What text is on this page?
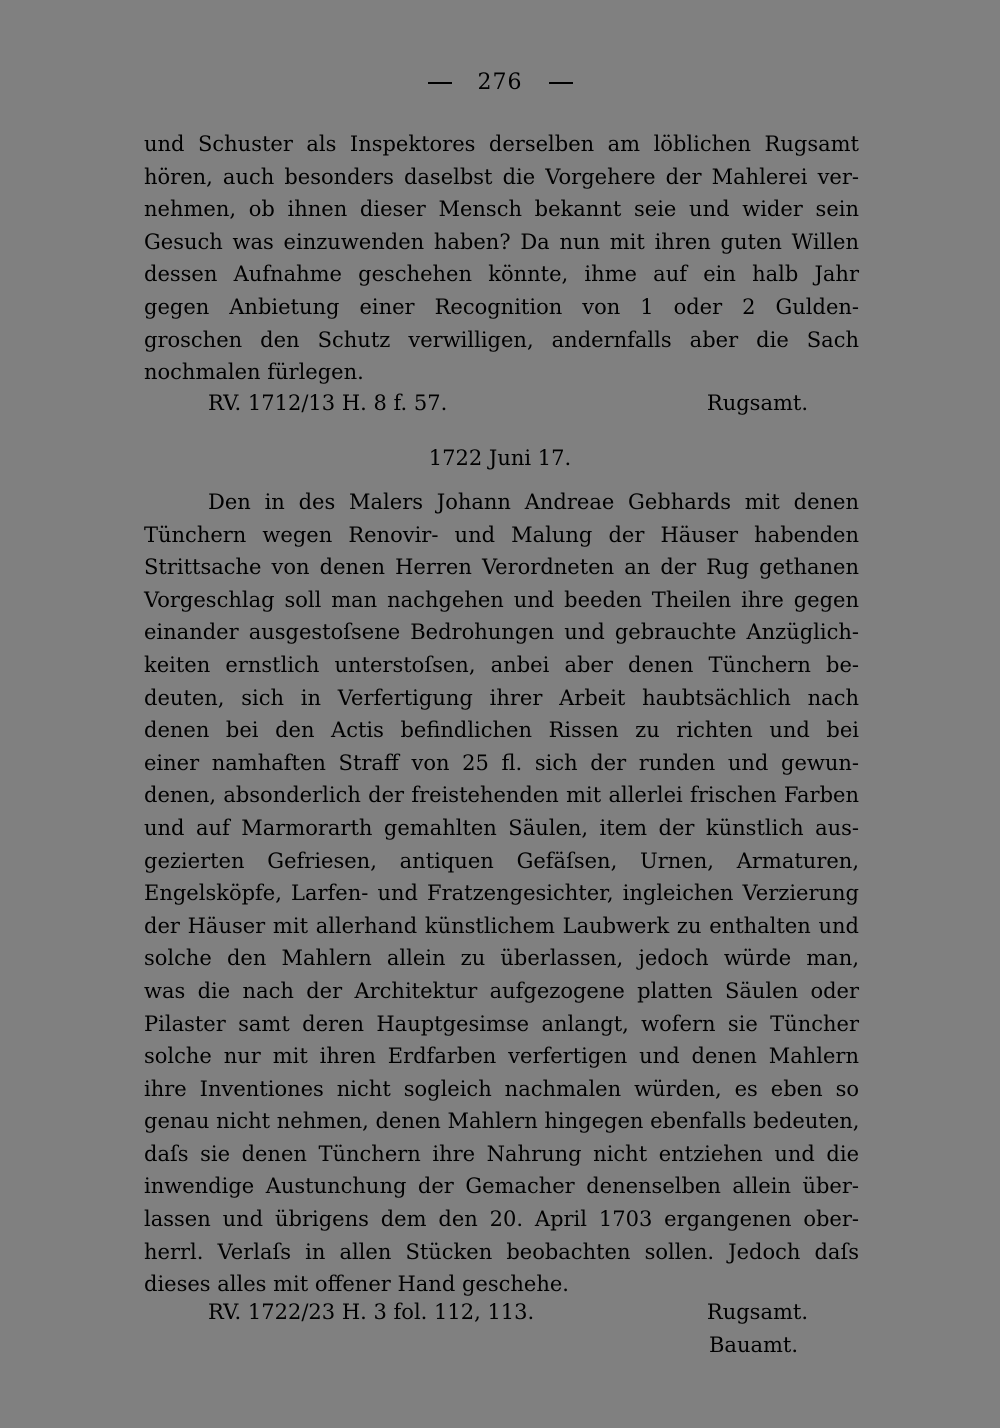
276
und Schuster als Inspektores derselben am löblichen Rugsamt
hören, auch besonders daselbst die Vorgehere der Mahlerei ver-
nehmen, ob ihnen dieser Mensch bekannt seie und wider sein
Gesuch was einzuwenden haben? Da nun mit ihren guten Willen
dessen Aufnahme geschehen könnte, ihme auf ein halb Jahr
gegen Anbietung einer Recognition von 1 oder 2 Gulden-
groschen den Schutz verwilligen, andernfalls aber die Sach
nochmalen fürlegen.
RV. 1712/13 H. 8 f. 57.	Rugsamt.
1722 Juni 17.
Den in des Malers Johann Andreae Gebhards mit denen
Tünchern wegen Renovir- und Malung der Häuser habenden
Strittsache von denen Herren Verordneten an der Rug gethanen
Vorgeschlag soll man nachgehen und beeden Theilen ihre gegen
einander ausgestoſsene Bedrohungen und gebrauchte Anzüglich-
keiten ernstlich unterstoſsen, anbei aber denen Tünchern be-
deuten, sich in Verfertigung ihrer Arbeit haubtsächlich nach
denen bei den Actis befindlichen Rissen zu richten und bei
einer namhaften Straff von 25 fl. sich der runden und gewun-
denen, absonderlich der freistehenden mit allerlei frischen Farben
und auf Marmorarth gemahlten Säulen, item der künstlich aus-
gezierten Gefriesen, antiquen Gefäſsen, Urnen, Armaturen,
Engelsköpfe, Larfen- und Fratzengesichter, ingleichen Verzierung
der Häuser mit allerhand künstlichem Laubwerk zu enthalten und
solche den Mahlern allein zu überlassen, jedoch würde man,
was die nach der Architektur aufgezogene platten Säulen oder
Pilaster samt deren Hauptgesimse anlangt, wofern sie Tüncher
solche nur mit ihren Erdfarben verfertigen und denen Mahlern
ihre Inventiones nicht sogleich nachmalen würden, es eben so
genau nicht nehmen, denen Mahlern hingegen ebenfalls bedeuten,
daſs sie denen Tünchern ihre Nahrung nicht entziehen und die
inwendige Austunchung der Gemacher denenselben allein über-
lassen und übrigens dem den 20. April 1703 ergangenen ober-
herrl. Verlaſs in allen Stücken beobachten sollen. Jedoch daſs
dieses alles mit offener Hand geschehe.
RV. 1722/23 H. 3 fol. 112, 113.	Rugsamt.
Bauamt.
